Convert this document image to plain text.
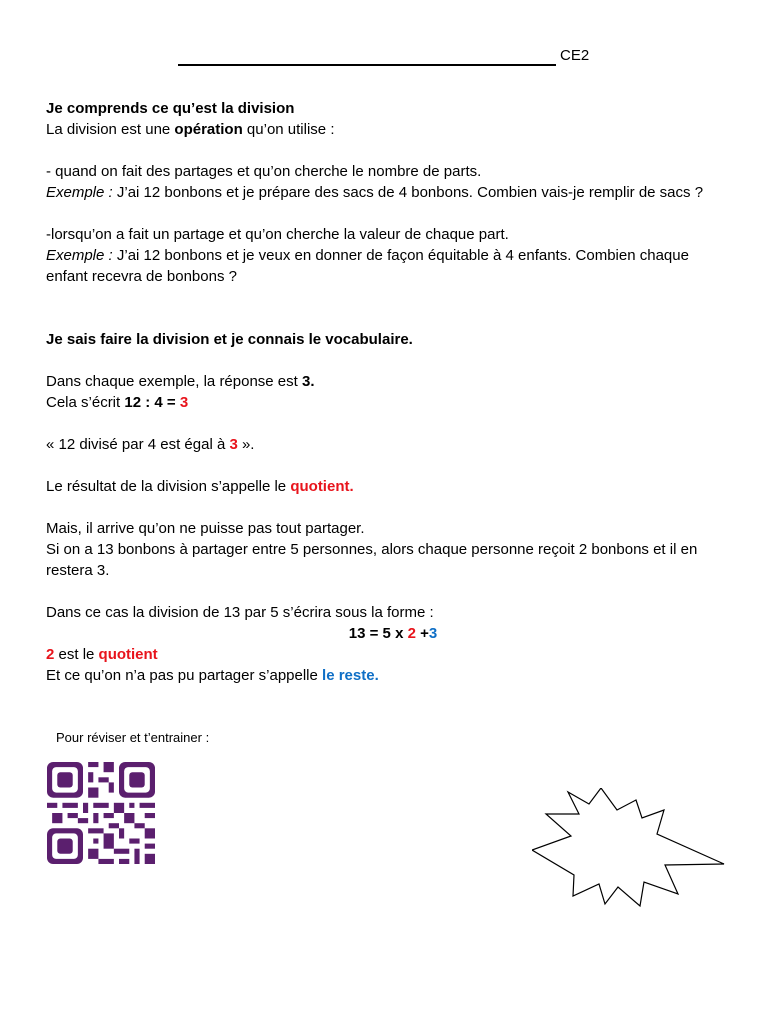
CE2

Je comprends ce qu’est la division

La division est une opération qu’on utilise :

- quand on fait des partages et qu’on cherche le nombre de parts.

Exemple : J’ai 12 bonbons et je prépare des sacs de 4 bonbons. Combien vais-je remplir de sacs ?

-lorsqu’on a fait un partage et qu’on cherche la valeur de chaque part.

Exemple : J’ai 12 bonbons et je veux en donner de façon équitable à 4 enfants. Combien chaque enfant recevra de bonbons ?

Je sais faire la division et je connais le vocabulaire.

Dans chaque exemple, la réponse est 3.

Cela s’écrit 12 : 4 = 3

« 12 divisé par 4 est égal à 3 ».

Le résultat de la division s’appelle le quotient.

Mais, il arrive qu’on ne puisse pas tout partager.

Si on a 13 bonbons à partager entre 5 personnes, alors chaque personne reçoit 2 bonbons et il en restera 3.

Dans ce cas la division de 13 par 5 s’écrira sous la forme :

13 = 5 x 2 +3

2 est le quotient

Et ce qu’on n’a pas pu partager s’appelle le reste.

Pour réviser et t’entrainer :
